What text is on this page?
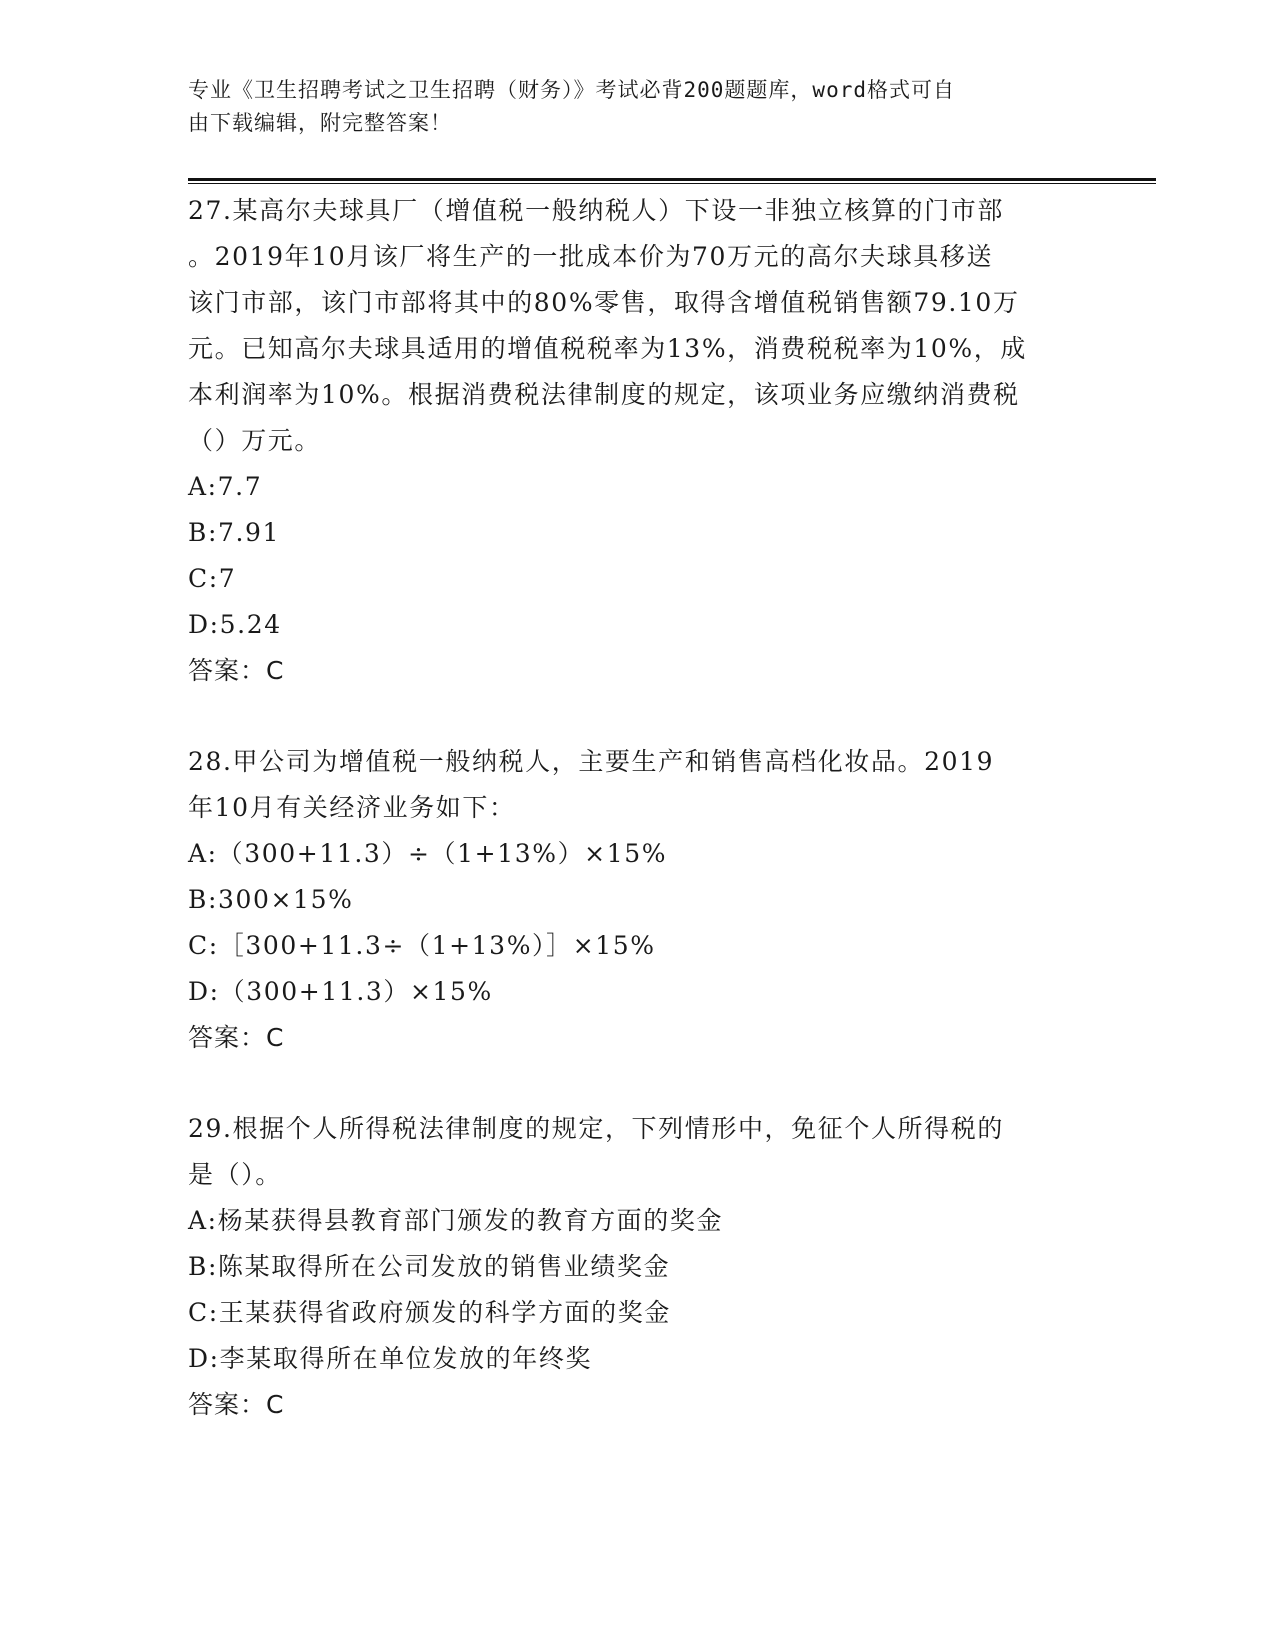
专业《卫生招聘考试之卫生招聘（财务）》考试必背200题题库，word格式可自
由下载编辑，附完整答案！
27.某高尔夫球具厂（增值税一般纳税人）下设一非独立核算的门市部
。2019年10月该厂将生产的一批成本价为70万元的高尔夫球具移送
该门市部，该门市部将其中的80%零售，取得含增值税销售额79.10万
元。已知高尔夫球具适用的增值税税率为13%，消费税税率为10%，成
本利润率为10%。根据消费税法律制度的规定，该项业务应缴纳消费税
（）万元。
A:7.7
B:7.91
C:7
D:5.24
答案：C
28.甲公司为增值税一般纳税人，主要生产和销售高档化妆品。2019
年10月有关经济业务如下：
A:（300+11.3）÷（1+13%）×15%
B:300×15%
C:［300+11.3÷（1+13%）］×15%
D:（300+11.3）×15%
答案：C
29.根据个人所得税法律制度的规定，下列情形中，免征个人所得税的
是（）。
A:杨某获得县教育部门颁发的教育方面的奖金
B:陈某取得所在公司发放的销售业绩奖金
C:王某获得省政府颁发的科学方面的奖金
D:李某取得所在单位发放的年终奖
答案：C
